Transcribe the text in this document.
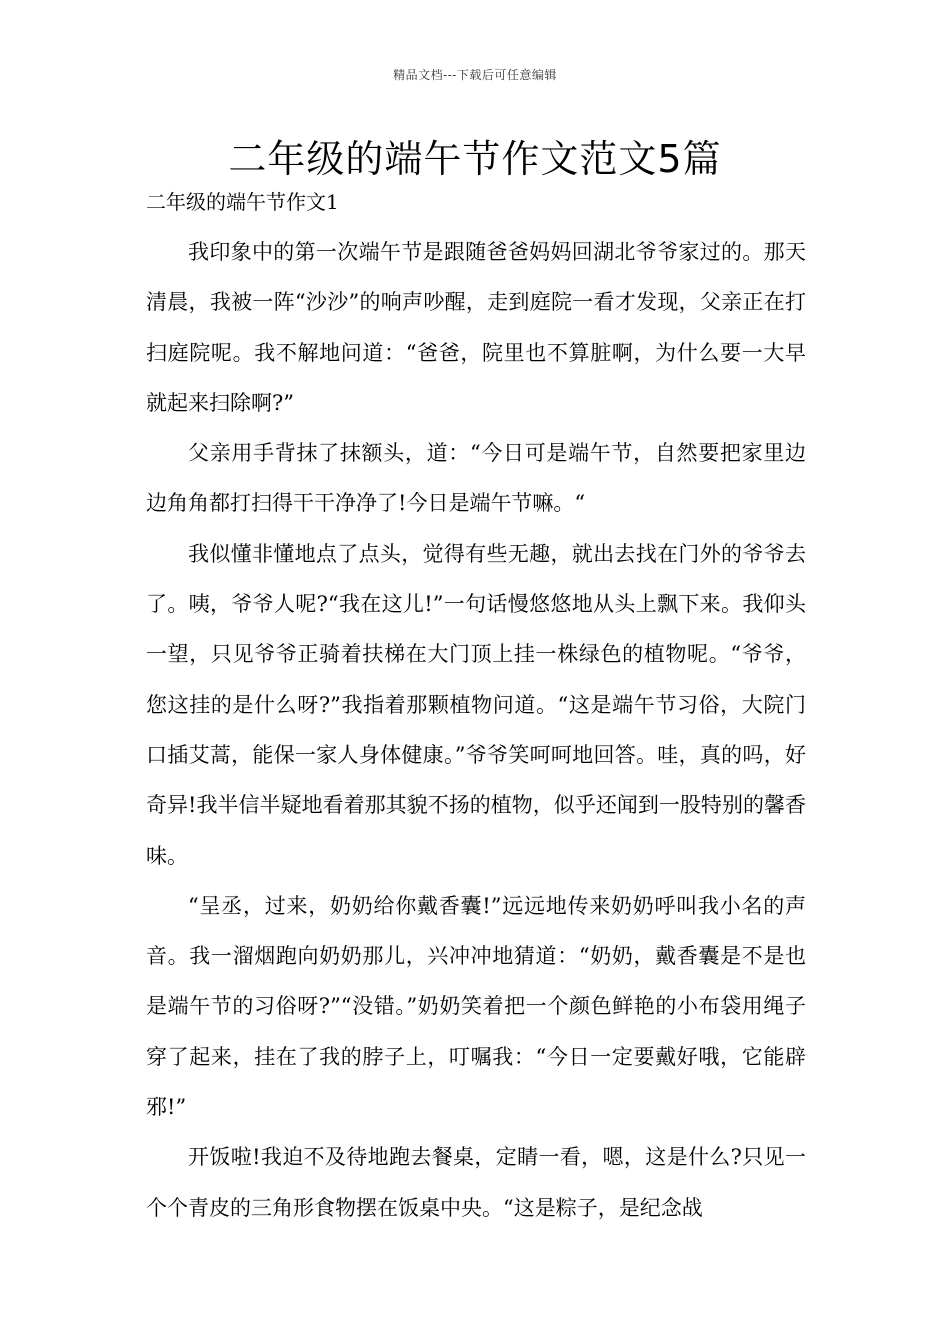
精品文档---下载后可任意编辑
二年级的端午节作文范文5篇
二年级的端午节作文1

我印象中的第一次端午节是跟随爸爸妈妈回湖北爷爷家过的。那天清晨，我被一阵“沙沙”的响声吵醒，走到庭院一看才发现，父亲正在打扫庭院呢。我不解地问道：“爸爸，院里也不算脏啊，为什么要一大早就起来扫除啊?”

父亲用手背抹了抹额头，道：“今日可是端午节，自然要把家里边边角角都打扫得干干净净了!今日是端午节嘛。“

我似懂非懂地点了点头，觉得有些无趣，就出去找在门外的爷爷去了。咦，爷爷人呢?“我在这儿!”一句话慢悠悠地从头上飘下来。我仰头一望，只见爷爷正骑着扶梯在大门顶上挂一株绿色的植物呢。“爷爷，您这挂的是什么呀?”我指着那颗植物问道。“这是端午节习俗，大院门口插艾蒿，能保一家人身体健康。”爷爷笑呵呵地回答。哇，真的吗，好奇异!我半信半疑地看着那其貌不扬的植物，似乎还闻到一股特别的馨香味。

“呈丞，过来，奶奶给你戴香囊!”远远地传来奶奶呼叫我小名的声音。我一溜烟跑向奶奶那儿，兴冲冲地猜道：“奶奶，戴香囊是不是也是端午节的习俗呀?”“没错。”奶奶笑着把一个颜色鲜艳的小布袋用绳子穿了起来，挂在了我的脖子上，叮嘱我：“今日一定要戴好哦，它能辟邪!”

开饭啦!我迫不及待地跑去餐桌，定睛一看，嗯，这是什么?只见一个个青皮的三角形食物摆在饭桌中央。“这是粽子，是纪念战
